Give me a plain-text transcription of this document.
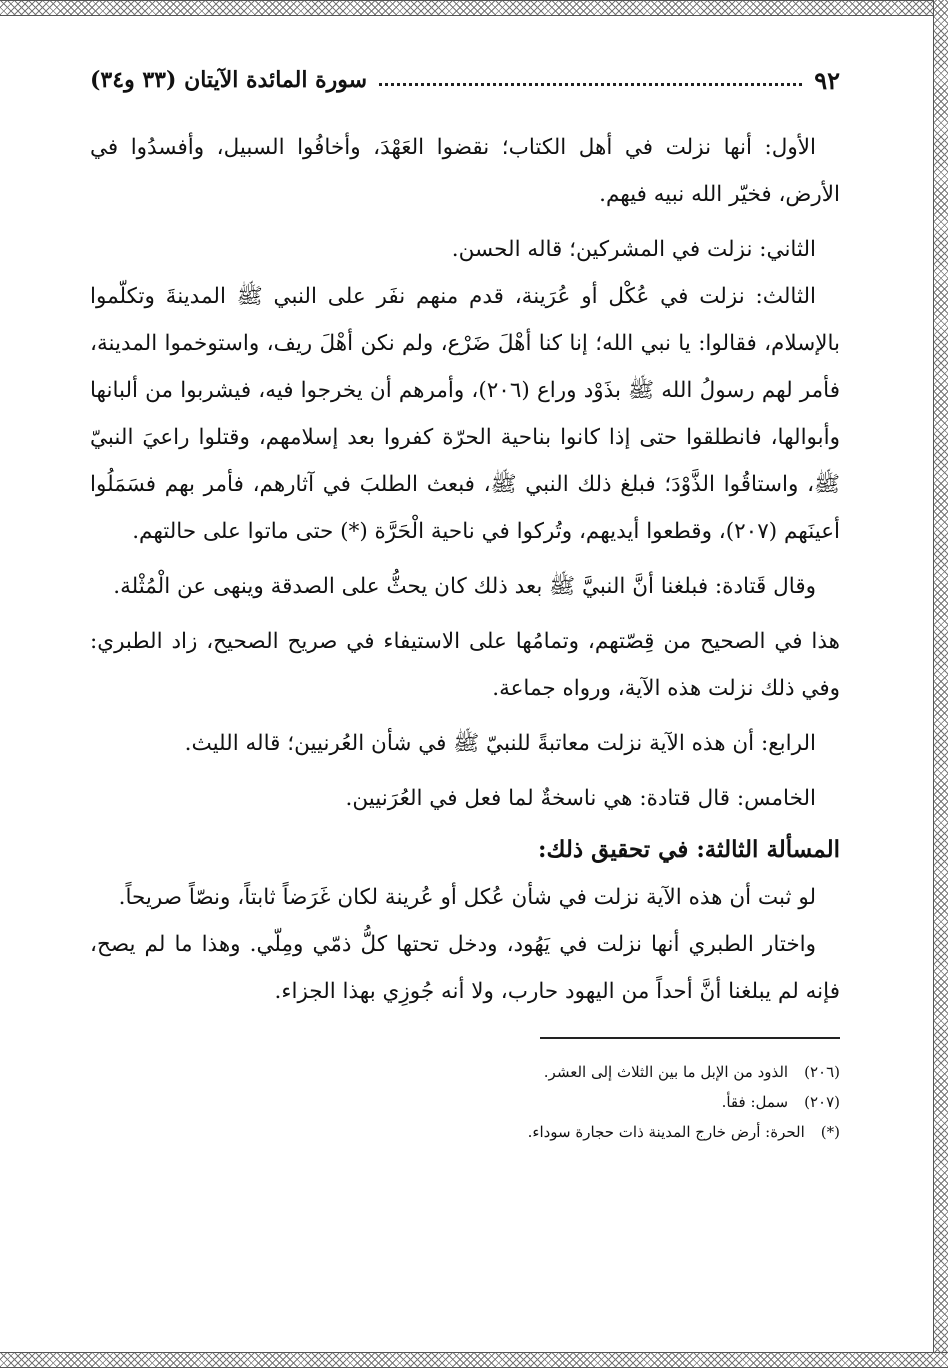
٩٢
سورة المائدة الآيتان (٣٣ و٣٤)

الأول: أنها نزلت في أهل الكتاب؛ نقضوا العَهْدَ، وأخافُوا السبيل، وأفسدُوا في الأرض، فخيّر الله نبيه فيهم.

الثاني: نزلت في المشركين؛ قاله الحسن.

الثالث: نزلت في عُكْل أو عُرَينة، قدم منهم نفَر على النبي ﷺ المدينةَ وتكلّموا بالإسلام، فقالوا: يا نبي الله؛ إنا كنا أهْلَ ضَرْع، ولم نكن أهْلَ ريف، واستوخموا المدينة، فأمر لهم رسولُ الله ﷺ بذَوْد وراع (٢٠٦)، وأمرهم أن يخرجوا فيه، فيشربوا من ألبانها وأبوالها، فانطلقوا حتى إذا كانوا بناحية الحرّة كفروا بعد إسلامهم، وقتلوا راعيَ النبيّ ﷺ، واستاقُوا الذَّوْدَ؛ فبلغ ذلك النبي ﷺ، فبعث الطلبَ في آثارهم، فأمر بهم فسَمَلُوا أعينَهم (٢٠٧)، وقطعوا أيديهم، وتُركوا في ناحية الْحَرَّة (*) حتى ماتوا على حالتهم.

وقال قَتادة: فبلغنا أنَّ النبيَّ ﷺ بعد ذلك كان يحثُّ على الصدقة وينهى عن الْمُثْلة.

هذا في الصحيح من قِصّتهم، وتمامُها على الاستيفاء في صريح الصحيح، زاد الطبري: وفي ذلك نزلت هذه الآية، ورواه جماعة.

الرابع: أن هذه الآية نزلت معاتبةً للنبيّ ﷺ في شأن العُرنيين؛ قاله الليث.

الخامس: قال قتادة: هي ناسخةٌ لما فعل في العُرَنيين.

المسألة الثالثة: في تحقيق ذلك:

لو ثبت أن هذه الآية نزلت في شأن عُكل أو عُرينة لكان غَرَضاً ثابتاً، ونصّاً صريحاً.

واختار الطبري أنها نزلت في يَهُود، ودخل تحتها كلُّ ذمّي ومِلّي. وهذا ما لم يصح، فإنه لم يبلغنا أنَّ أحداً من اليهود حارب، ولا أنه جُوزِي بهذا الجزاء.

(٢٠٦)
الذود من الإبل ما بين الثلاث إلى العشر.
(٢٠٧)
سمل: فقأ.
(*)
الحرة: أرض خارج المدينة ذات حجارة سوداء.
